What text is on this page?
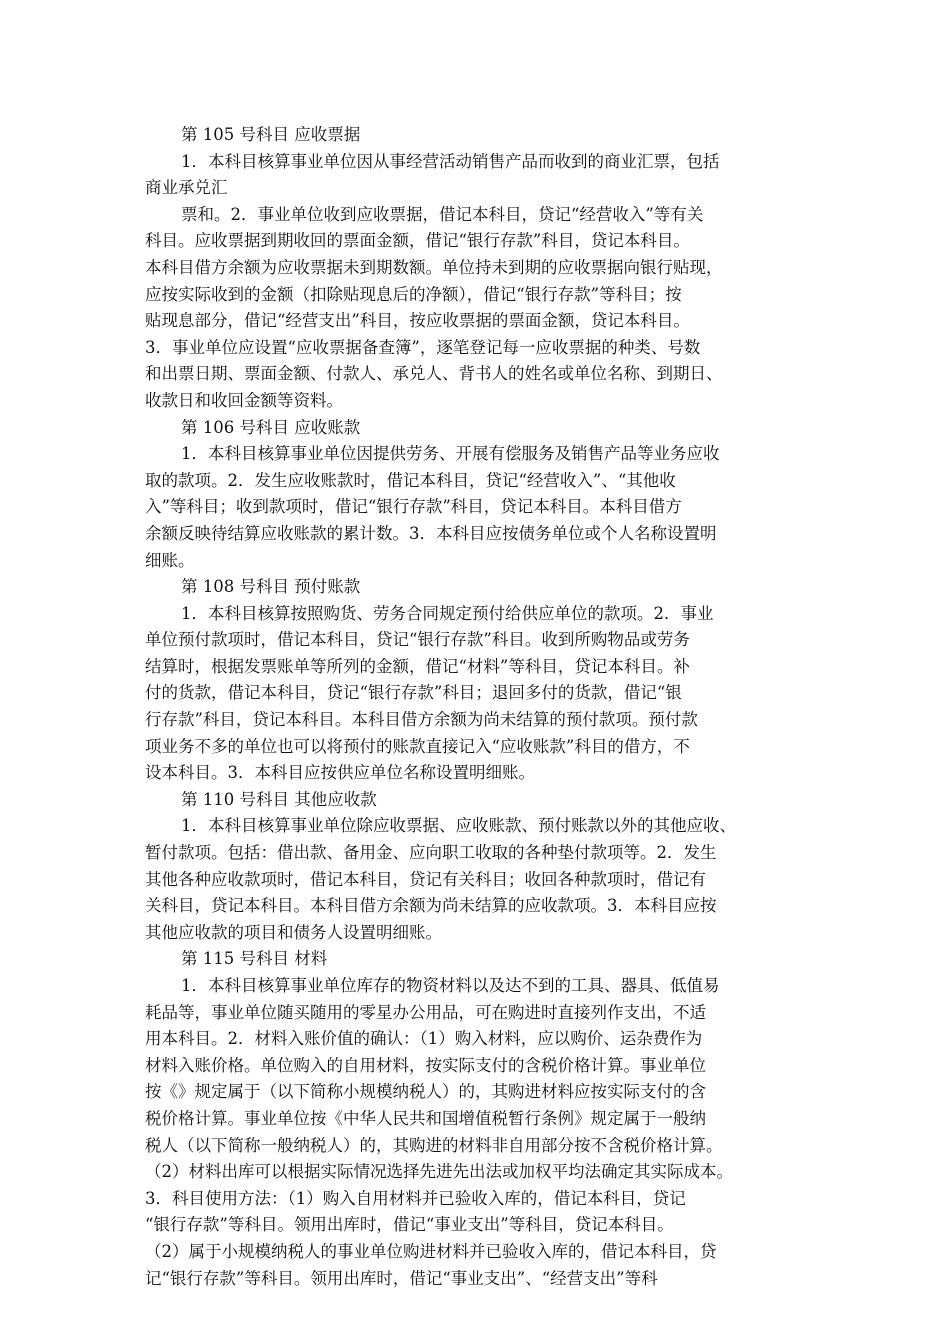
第 105 号科目 应收票据
1．本科目核算事业单位因从事经营活动销售产品而收到的商业汇票，包括
商业承兑汇
票和。2．事业单位收到应收票据，借记本科目，贷记“经营收入”等有关
科目。应收票据到期收回的票面金额，借记“银行存款”科目，贷记本科目。
本科目借方余额为应收票据未到期数额。单位持未到期的应收票据向银行贴现，
应按实际收到的金额（扣除贴现息后的净额），借记“银行存款”等科目；按
贴现息部分，借记“经营支出”科目，按应收票据的票面金额，贷记本科目。
3．事业单位应设置“应收票据备查簿”，逐笔登记每一应收票据的种类、号数
和出票日期、票面金额、付款人、承兑人、背书人的姓名或单位名称、到期日、
收款日和收回金额等资料。
第 106 号科目 应收账款
1．本科目核算事业单位因提供劳务、开展有偿服务及销售产品等业务应收
取的款项。2．发生应收账款时，借记本科目，贷记“经营收入”、“其他收
入”等科目；收到款项时，借记“银行存款”科目，贷记本科目。本科目借方
余额反映待结算应收账款的累计数。3．本科目应按债务单位或个人名称设置明
细账。
第 108 号科目 预付账款
1．本科目核算按照购货、劳务合同规定预付给供应单位的款项。2．事业
单位预付款项时，借记本科目，贷记“银行存款”科目。收到所购物品或劳务
结算时，根据发票账单等所列的金额，借记“材料”等科目，贷记本科目。补
付的货款，借记本科目，贷记“银行存款”科目；退回多付的货款，借记“银
行存款”科目，贷记本科目。本科目借方余额为尚未结算的预付款项。预付款
项业务不多的单位也可以将预付的账款直接记入“应收账款”科目的借方，不
设本科目。3．本科目应按供应单位名称设置明细账。
第 110 号科目 其他应收款
1．本科目核算事业单位除应收票据、应收账款、预付账款以外的其他应收、
暂付款项。包括：借出款、备用金、应向职工收取的各种垫付款项等。2．发生
其他各种应收款项时，借记本科目，贷记有关科目；收回各种款项时，借记有
关科目，贷记本科目。本科目借方余额为尚未结算的应收款项。3．本科目应按
其他应收款的项目和债务人设置明细账。
第 115 号科目 材料
1．本科目核算事业单位库存的物资材料以及达不到的工具、器具、低值易
耗品等，事业单位随买随用的零星办公用品，可在购进时直接列作支出，不适
用本科目。2．材料入账价值的确认：（1）购入材料，应以购价、运杂费作为
材料入账价格。单位购入的自用材料，按实际支付的含税价格计算。事业单位
按《》规定属于（以下简称小规模纳税人）的，其购进材料应按实际支付的含
税价格计算。事业单位按《中华人民共和国增值税暂行条例》规定属于一般纳
税人（以下简称一般纳税人）的，其购进的材料非自用部分按不含税价格计算。
（2）材料出库可以根据实际情况选择先进先出法或加权平均法确定其实际成本。
3．科目使用方法：（1）购入自用材料并已验收入库的，借记本科目，贷记
“银行存款”等科目。领用出库时，借记“事业支出”等科目，贷记本科目。
（2）属于小规模纳税人的事业单位购进材料并已验收入库的，借记本科目，贷
记“银行存款”等科目。领用出库时，借记“事业支出”、“经营支出”等科
